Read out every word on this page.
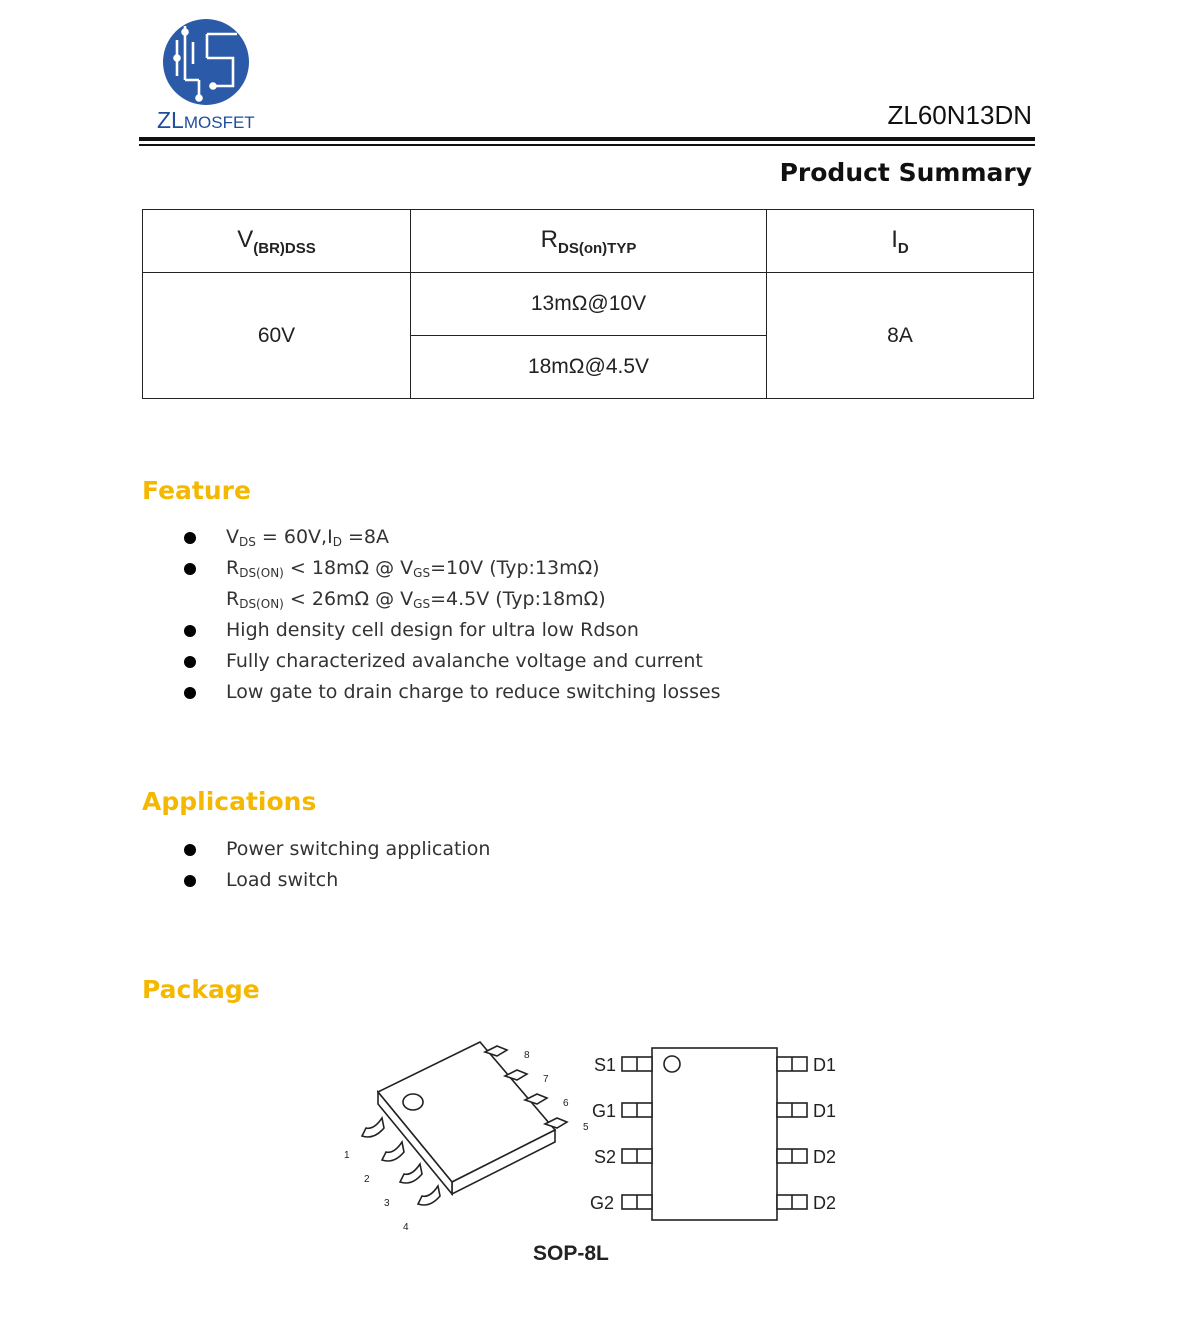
ZLMOSFET	ZL60N13DN
Product Summary
$V_{(BR)DSS}$	$R_{DS(on)TYP}$	$I_D$
60V	13mΩ@10V	8A
	18mΩ@4.5V	
Feature
$V_{DS} = 60V,I_D =8A$
$R_{DS(ON)} < 18m\Omega$ @ $V_{GS}=10V$ (Typ:13mΩ)
$R_{DS(ON)} < 26m\Omega$ @ $V_{GS}=4.5V$ (Typ:18mΩ)
High density cell design for ultra low Rdson
Fully characterized avalanche voltage and current
Low gate to drain charge to reduce switching losses
Applications
Power switching application
Load switch
Package
1
2
3
4
5
6
7
8	S1
G1
S2
G2
D1
D1
D2
D2
SOP-8L
